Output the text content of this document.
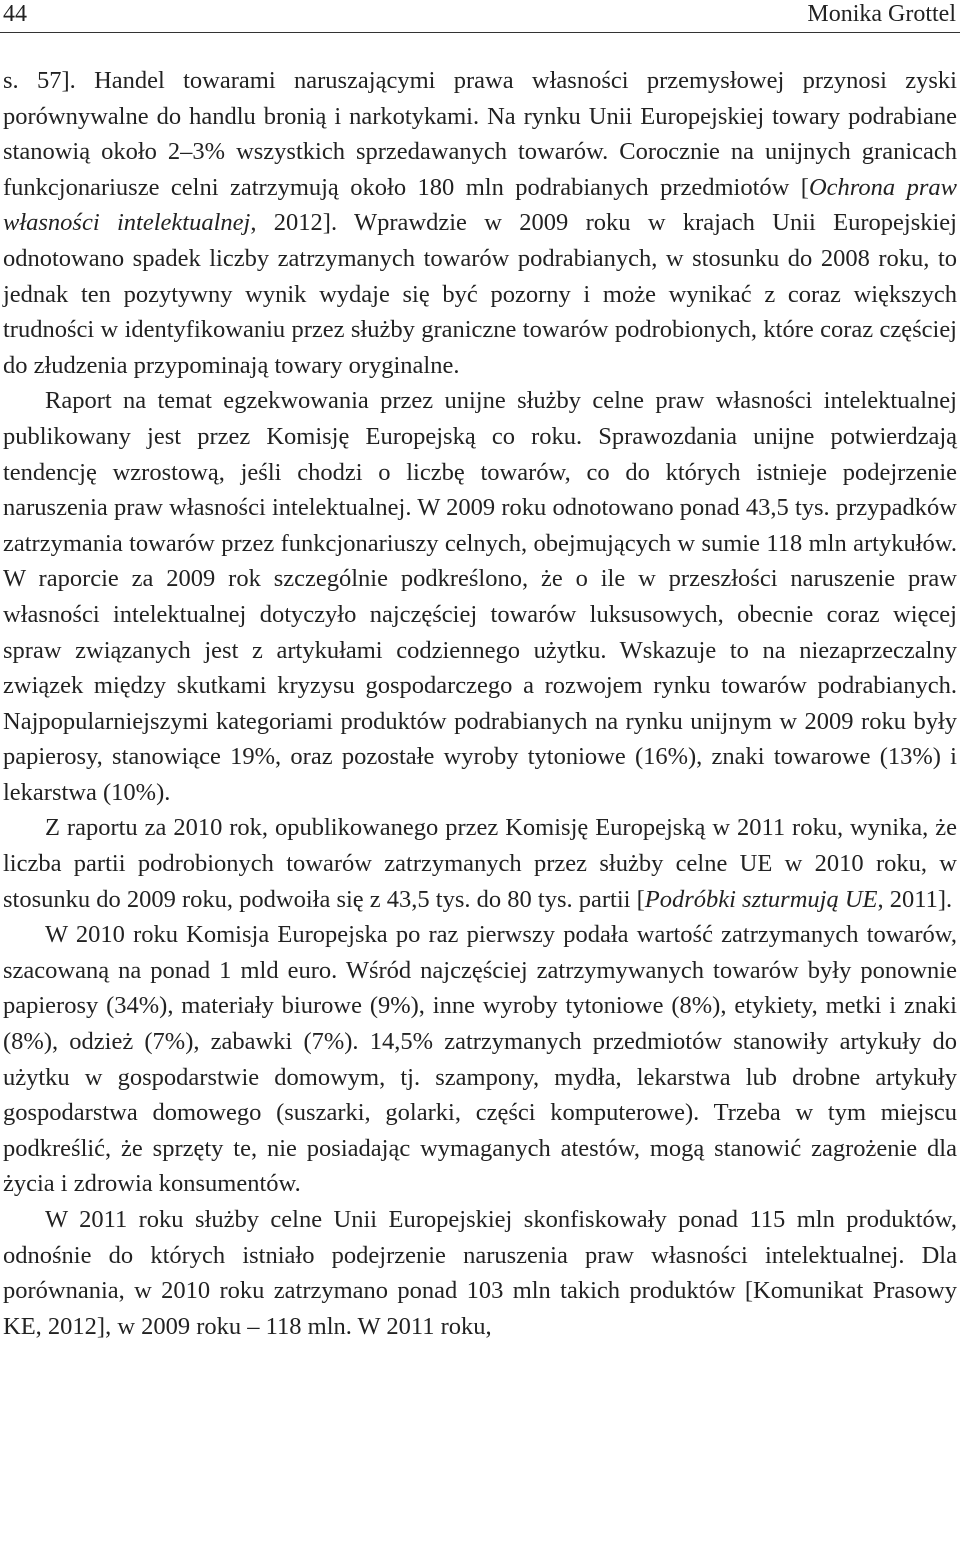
44	Monika Grottel

s. 57]. Handel towarami naruszającymi prawa własności przemysłowej przynosi zyski porównywalne do handlu bronią i narkotykami. Na rynku Unii Europejskiej towary podrabiane stanowią około 2–3% wszystkich sprzedawanych towarów. Corocznie na unijnych granicach funkcjonariusze celni zatrzymują około 180 mln podrabianych przedmiotów [Ochrona praw własności intelektualnej, 2012]. Wprawdzie w 2009 roku w krajach Unii Europejskiej odnotowano spadek liczby zatrzymanych towarów podrabianych, w stosunku do 2008 roku, to jednak ten pozytywny wynik wydaje się być pozorny i może wynikać z coraz większych trudności w identyfikowaniu przez służby graniczne towarów podrobionych, które coraz częściej do złudzenia przypominają towary oryginalne.

Raport na temat egzekwowania przez unijne służby celne praw własności intelektualnej publikowany jest przez Komisję Europejską co roku. Sprawozdania unijne potwierdzają tendencję wzrostową, jeśli chodzi o liczbę towarów, co do których istnieje podejrzenie naruszenia praw własności intelektualnej. W 2009 roku odnotowano ponad 43,5 tys. przypadków zatrzymania towarów przez funkcjonariuszy celnych, obejmujących w sumie 118 mln artykułów. W raporcie za 2009 rok szczególnie podkreślono, że o ile w przeszłości naruszenie praw własności intelektualnej dotyczyło najczęściej towarów luksusowych, obecnie coraz więcej spraw związanych jest z artykułami codziennego użytku. Wskazuje to na niezaprzeczalny związek między skutkami kryzysu gospodarczego a rozwojem rynku towarów podrabianych. Najpopularniejszymi kategoriami produktów podrabianych na rynku unijnym w 2009 roku były papierosy, stanowiące 19%, oraz pozostałe wyroby tytoniowe (16%), znaki towarowe (13%) i lekarstwa (10%).

Z raportu za 2010 rok, opublikowanego przez Komisję Europejską w 2011 roku, wynika, że liczba partii podrobionych towarów zatrzymanych przez służby celne UE w 2010 roku, w stosunku do 2009 roku, podwoiła się z 43,5 tys. do 80 tys. partii [Podróbki szturmują UE, 2011].

W 2010 roku Komisja Europejska po raz pierwszy podała wartość zatrzymanych towarów, szacowaną na ponad 1 mld euro. Wśród najczęściej zatrzymywanych towarów były ponownie papierosy (34%), materiały biurowe (9%), inne wyroby tytoniowe (8%), etykiety, metki i znaki (8%), odzież (7%), zabawki (7%). 14,5% zatrzymanych przedmiotów stanowiły artykuły do użytku w gospodarstwie domowym, tj. szampony, mydła, lekarstwa lub drobne artykuły gospodarstwa domowego (suszarki, golarki, części komputerowe). Trzeba w tym miejscu podkreślić, że sprzęty te, nie posiadając wymaganych atestów, mogą stanowić zagrożenie dla życia i zdrowia konsumentów.

W 2011 roku służby celne Unii Europejskiej skonfiskowały ponad 115 mln produktów, odnośnie do których istniało podejrzenie naruszenia praw własności intelektualnej. Dla porównania, w 2010 roku zatrzymano ponad 103 mln takich produktów [Komunikat Prasowy KE, 2012], w 2009 roku – 118 mln. W 2011 roku,
